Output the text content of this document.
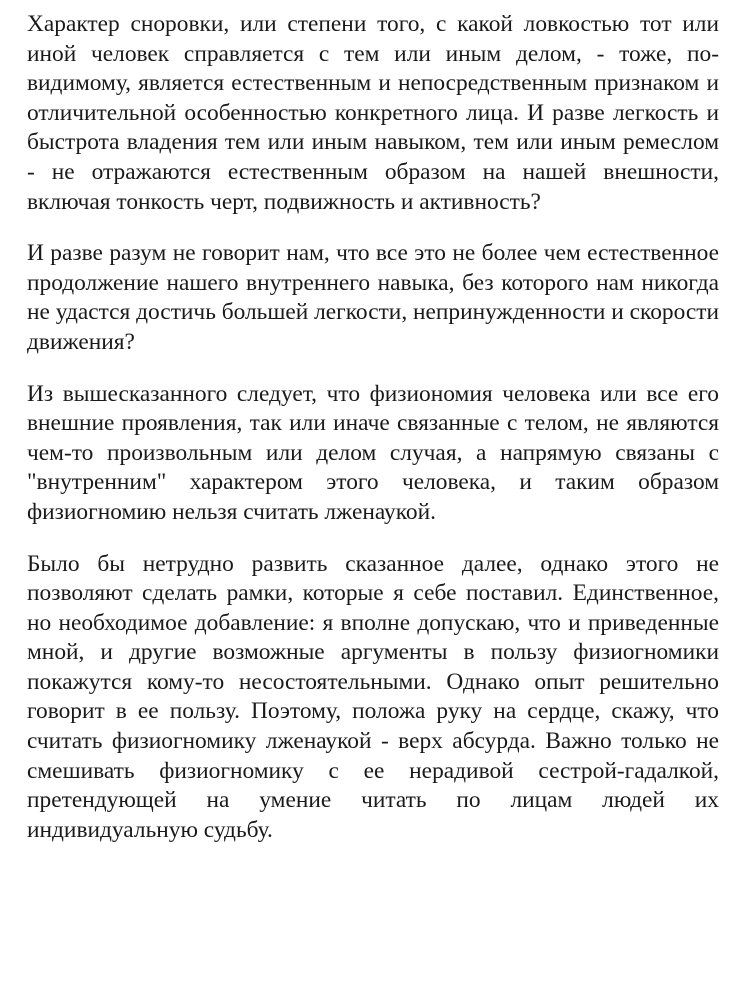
Характер сноровки, или степени того, с какой ловкостью тот или иной человек справляется с тем или иным делом, - тоже, по-видимому, является естественным и непосредственным признаком и отличительной особенностью конкретного лица. И разве легкость и быстрота владения тем или иным навыком, тем или иным ремеслом - не отражаются естественным образом на нашей внешности, включая тонкость черт, подвижность и активность?

И разве разум не говорит нам, что все это не более чем естественное продолжение нашего внутреннего навыка, без которого нам никогда не удастся достичь большей легкости, непринужденности и скорости движения?

Из вышесказанного следует, что физиономия человека или все его внешние проявления, так или иначе связанные с телом, не являются чем-то произвольным или делом случая, а напрямую связаны с "внутренним" характером этого человека, и таким образом физиогномию нельзя считать лженаукой.

Было бы нетрудно развить сказанное далее, однако этого не позволяют сделать рамки, которые я себе поставил. Единственное, но необходимое добавление: я вполне допускаю, что и приведенные мной, и другие возможные аргументы в пользу физиогномики покажутся кому-то несостоятельными. Однако опыт решительно говорит в ее пользу. Поэтому, положа руку на сердце, скажу, что считать физиогномику лженаукой - верх абсурда. Важно только не смешивать физиогномику с ее нерадивой сестрой-гадалкой, претендующей на умение читать по лицам людей их индивидуальную судьбу.
